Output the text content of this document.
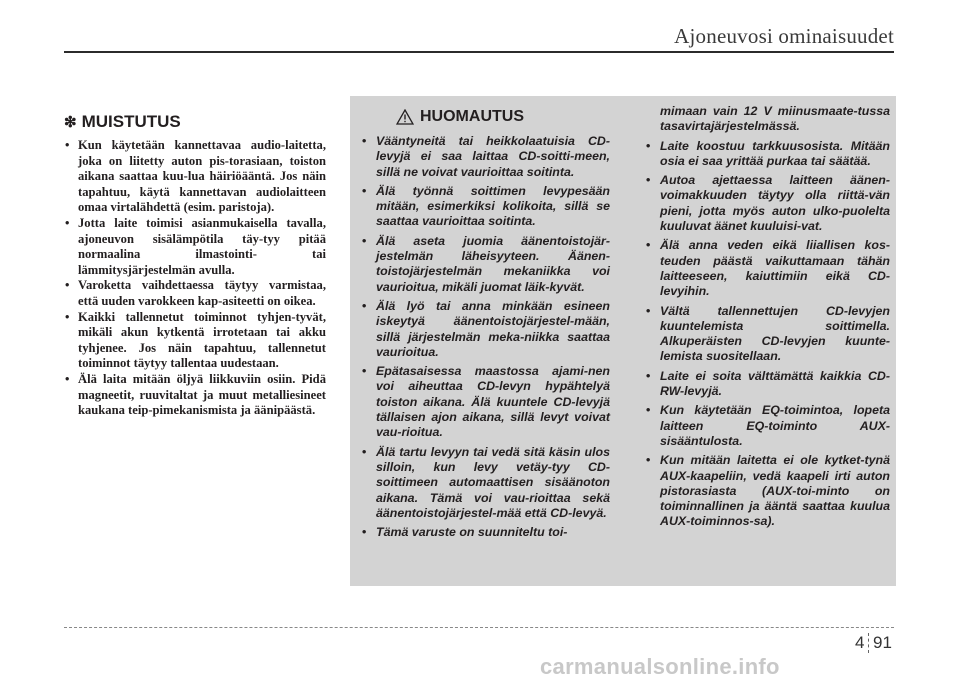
Ajoneuvosi ominaisuudet
❇ MUISTUTUS
• Kun käytetään kannettavaa audio-laitetta, joka on liitetty auton pis-torasiaan, toiston aikana saattaa kuu-lua häiriöääntä. Jos näin tapahtuu, käytä kannettavan audiolaitteen omaa virtalähdettä (esim. paristoja).
• Jotta laite toimisi asianmukaisella tavalla, ajoneuvon sisälämpötila täy-tyy pitää normaalina ilmastointi- tai lämmitysjärjestelmän avulla.
• Varoketta vaihdettaessa täytyy varmistaa, että uuden varokkeen kap-asiteetti on oikea.
• Kaikki tallennetut toiminnot tyhjen-tyvät, mikäli akun kytkentä irrotetaan tai akku tyhjenee. Jos näin tapahtuu, tallennetut toiminnot täytyy tallentaa uudestaan.
• Älä laita mitään öljyä liikkuviin osiin. Pidä magneetit, ruuvitaltat ja muut metalliesineet kaukana teip-pimekanismista ja äänipäästä.
HUOMAUTUS
• Vääntyneitä tai heikkolaatuisia CD-levyjä ei saa laittaa CD-soitti-meen, sillä ne voivat vaurioittaa soitinta.
• Älä työnnä soittimen levypesään mitään, esimerkiksi kolikoita, sillä se saattaa vaurioittaa soitinta.
• Älä aseta juomia äänentoistojär-jestelmän läheisyyteen. Äänen-toistojärjestelmän mekaniikka voi vaurioitua, mikäli juomat läik-kyvät.
• Älä lyö tai anna minkään esineen iskeytyä äänentoistojärjestel-mään, sillä järjestelmän meka-niikka saattaa vaurioitua.
• Epätasaisessa maastossa ajami-nen voi aiheuttaa CD-levyn hypähtelyä toiston aikana. Älä kuuntele CD-levyjä tällaisen ajon aikana, sillä levyt voivat vau-rioitua.
• Älä tartu levyyn tai vedä sitä käsin ulos silloin, kun levy vetäy-tyy CD-soittimeen automaattisen sisäänoton aikana. Tämä voi vau-rioittaa sekä äänentoistojärjestel-mää että CD-levyä.
• Tämä varuste on suunniteltu toi-
mimaan vain 12 V miinusmaate-tussa tasavirtajärjestelmässä.
• Laite koostuu tarkkuusosista. Mitään osia ei saa yrittää purkaa tai säätää.
• Autoa ajettaessa laitteen äänen-voimakkuuden täytyy olla riittä-vän pieni, jotta myös auton ulko-puolelta kuuluvat äänet kuuluisi-vat.
• Älä anna veden eikä liiallisen kos-teuden päästä vaikuttamaan tähän laitteeseen, kaiuttimiin eikä CD-levyihin.
• Vältä tallennettujen CD-levyjen kuuntelemista soittimella. Alkuperäisten CD-levyjen kuunte-lemista suositellaan.
• Laite ei soita välttämättä kaikkia CD-RW-levyjä.
• Kun käytetään EQ-toimintoa, lopeta laitteen EQ-toiminto AUX-sisääntulosta.
• Kun mitään laitetta ei ole kytket-tynä AUX-kaapeliin, vedä kaapeli irti auton pistorasiasta (AUX-toi-minto on toiminnallinen ja ääntä saattaa kuulua AUX-toiminnos-sa).
4 91
carmanualsonline.info
